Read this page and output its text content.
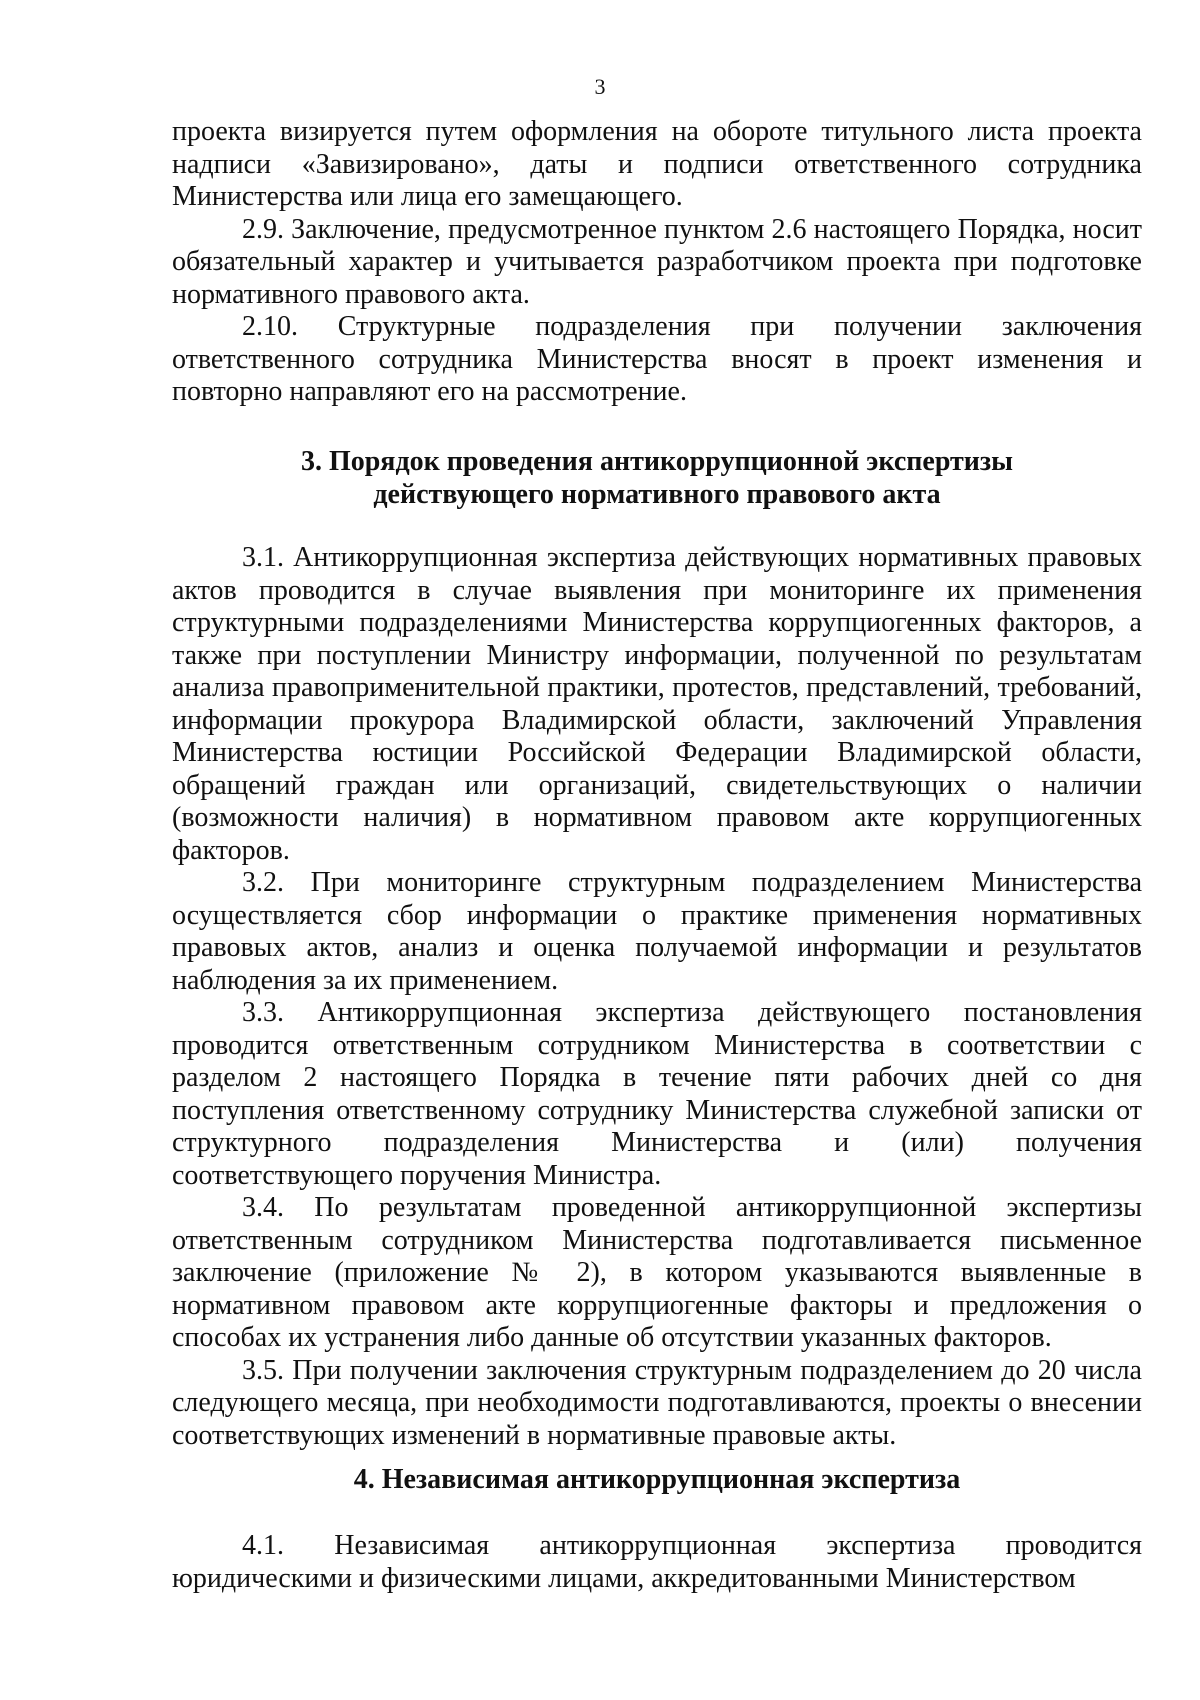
3

проекта визируется путем оформления на обороте титульного листа проекта надписи «Завизировано», даты и подписи ответственного сотрудника Министерства или лица его замещающего.

2.9. Заключение, предусмотренное пунктом 2.6 настоящего Порядка, носит обязательный характер и учитывается разработчиком проекта при подготовке нормативного правового акта.

2.10. Структурные подразделения при получении заключения ответственного сотрудника Министерства вносят в проект изменения и повторно направляют его на рассмотрение.

3. Порядок проведения антикоррупционной экспертизы

действующего нормативного правового акта

3.1. Антикоррупционная экспертиза действующих нормативных правовых актов проводится в случае выявления при мониторинге их применения структурными подразделениями Министерства коррупциогенных факторов, а также при поступлении Министру информации, полученной по результатам анализа правоприменительной практики, протестов, представлений, требований, информации прокурора Владимирской области, заключений Управления Министерства юстиции Российской Федерации Владимирской области, обращений граждан или организаций, свидетельствующих о наличии (возможности наличия) в нормативном правовом акте коррупциогенных факторов.

3.2. При мониторинге структурным подразделением Министерства осуществляется сбор информации о практике применения нормативных правовых актов, анализ и оценка получаемой информации и результатов наблюдения за их применением.

3.3. Антикоррупционная экспертиза действующего постановления проводится ответственным сотрудником Министерства в соответствии с разделом 2 настоящего Порядка в течение пяти рабочих дней со дня поступления ответственному сотруднику Министерства служебной записки от структурного подразделения Министерства и (или) получения соответствующего поручения Министра.

3.4. По результатам проведенной антикоррупционной экспертизы ответственным сотрудником Министерства подготавливается письменное заключение (приложение № 2), в котором указываются выявленные в нормативном правовом акте коррупциогенные факторы и предложения о способах их устранения либо данные об отсутствии указанных факторов.

3.5. При получении заключения структурным подразделением до 20 числа следующего месяца, при необходимости подготавливаются, проекты о внесении соответствующих изменений в нормативные правовые акты.

4. Независимая антикоррупционная экспертиза

4.1. Независимая антикоррупционная экспертиза проводится юридическими и физическими лицами, аккредитованными Министерством
